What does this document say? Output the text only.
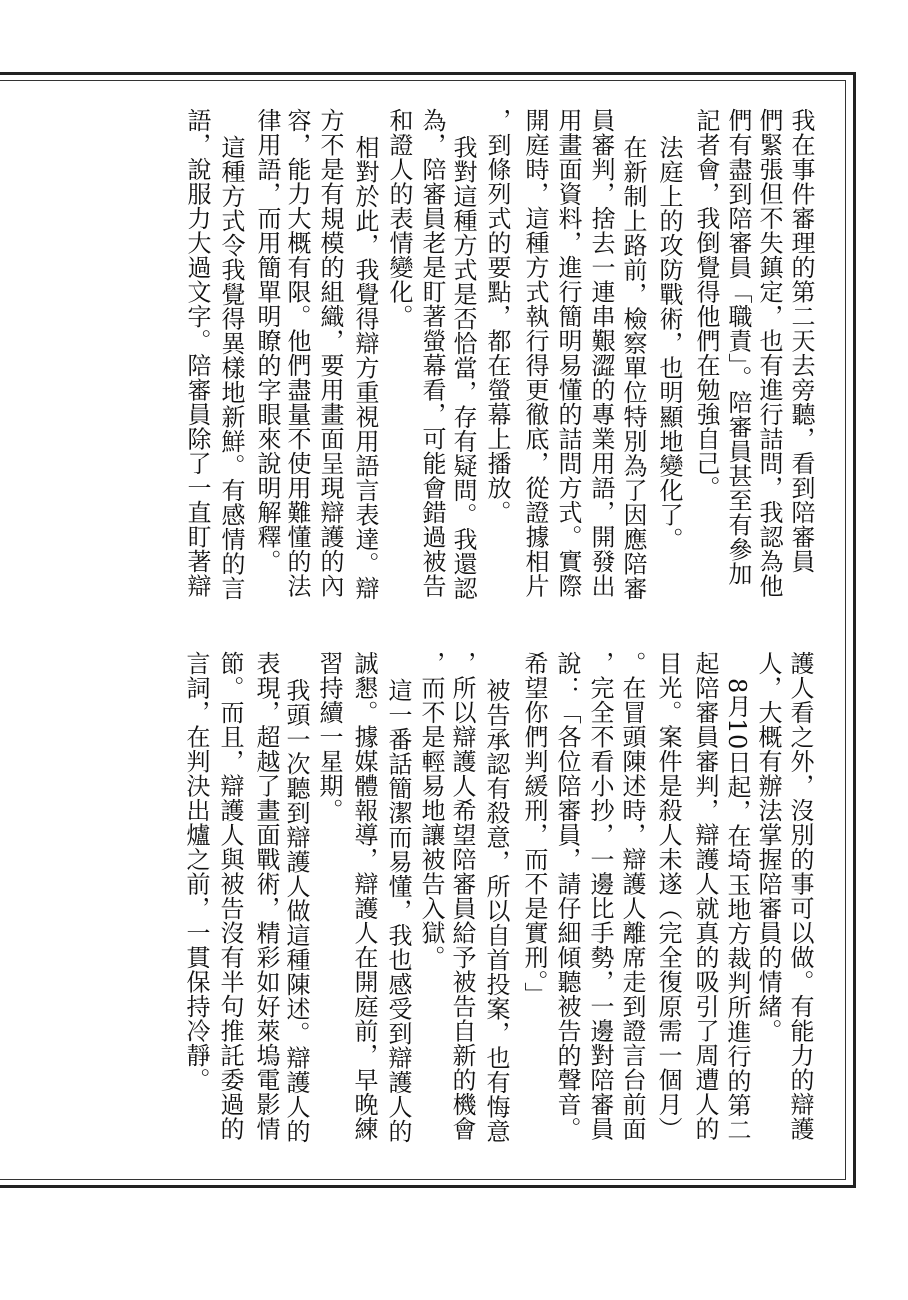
我在事件審理的第二天去旁聽，看到陪審員
們緊張但不失鎮定，也有進行詰問，我認為他
們有盡到陪審員「職責」。陪審員甚至有參加
記者會，我倒覺得他們在勉強自己。
法庭上的攻防戰術，也明顯地變化了。
在新制上路前，檢察單位特別為了因應陪審
員審判，捨去一連串艱澀的專業用語，開發出
用畫面資料，進行簡明易懂的詰問方式。實際
開庭時，這種方式執行得更徹底，從證據相片
，到條列式的要點，都在螢幕上播放。
我對這種方式是否恰當，存有疑問。我還認
為，陪審員老是盯著螢幕看，可能會錯過被告
和證人的表情變化。
相對於此，我覺得辯方重視用語言表達。辯
方不是有規模的組織，要用畫面呈現辯護的內
容，能力大概有限。他們盡量不使用難懂的法
律用語，而用簡單明瞭的字眼來說明解釋。
這種方式令我覺得異樣地新鮮。有感情的言
語，說服力大過文字。陪審員除了一直盯著辯
護人看之外，沒別的事可以做。有能力的辯護
人，大概有辦法掌握陪審員的情緒。
8月10日起，在埼玉地方裁判所進行的第二
起陪審員審判，辯護人就真的吸引了周遭人的
目光。案件是殺人未遂（完全復原需一個月）
。在冒頭陳述時，辯護人離席走到證言台前面
，完全不看小抄，一邊比手勢，一邊對陪審員
說：「各位陪審員，請仔細傾聽被告的聲音。
希望你們判緩刑，而不是實刑。」
被告承認有殺意，所以自首投案，也有悔意
，所以辯護人希望陪審員給予被告自新的機會
，而不是輕易地讓被告入獄。
這一番話簡潔而易懂，我也感受到辯護人的
誠懇。據媒體報導，辯護人在開庭前，早晚練
習持續一星期。
我頭一次聽到辯護人做這種陳述。辯護人的
表現，超越了畫面戰術，精彩如好萊塢電影情
節。而且，辯護人與被告沒有半句推託委過的
言詞，在判決出爐之前，一貫保持冷靜。
